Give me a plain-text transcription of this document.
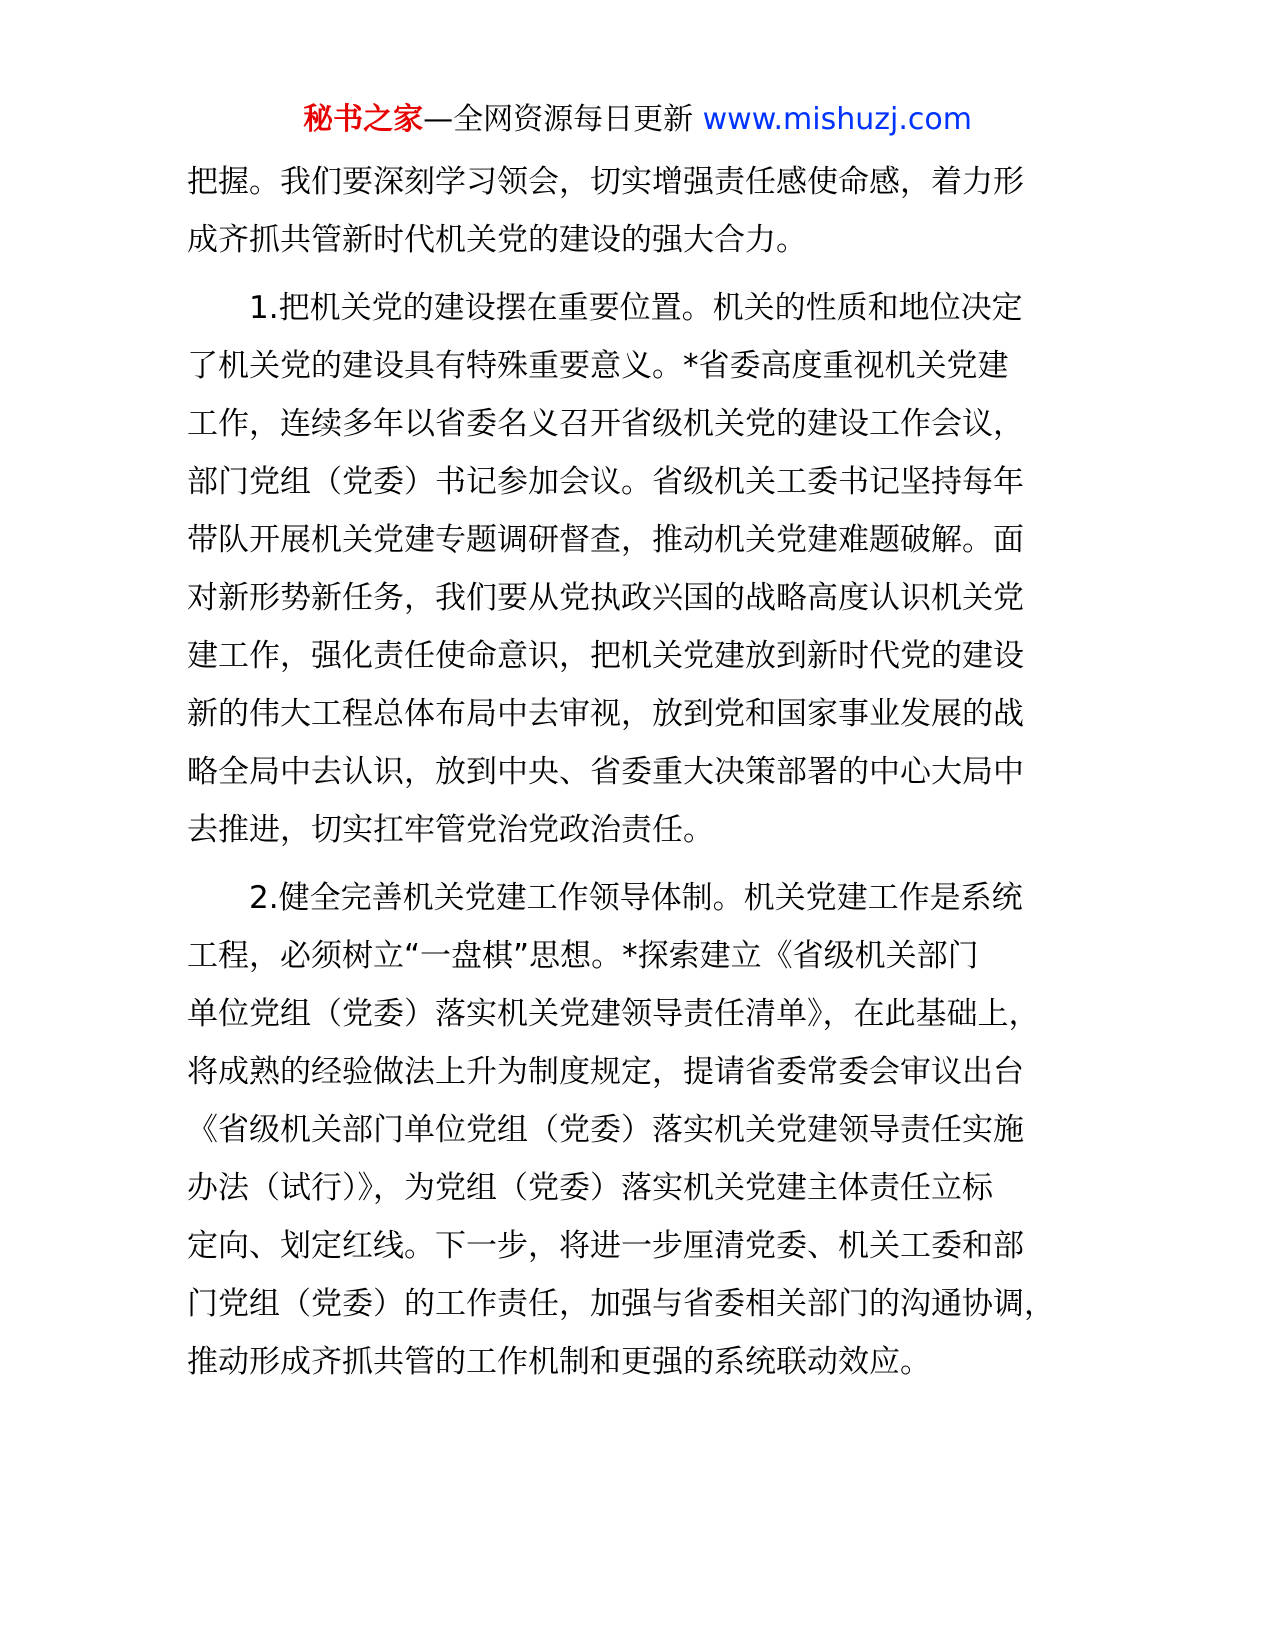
秘书之家—全网资源每日更新 www.mishuzj.com

把握。我们要深刻学习领会，切实增强责任感使命感，着力形
成齐抓共管新时代机关党的建设的强大合力。

　　1.把机关党的建设摆在重要位置。机关的性质和地位决定
了机关党的建设具有特殊重要意义。*省委高度重视机关党建
工作，连续多年以省委名义召开省级机关党的建设工作会议，
部门党组（党委）书记参加会议。省级机关工委书记坚持每年
带队开展机关党建专题调研督查，推动机关党建难题破解。面
对新形势新任务，我们要从党执政兴国的战略高度认识机关党
建工作，强化责任使命意识，把机关党建放到新时代党的建设
新的伟大工程总体布局中去审视，放到党和国家事业发展的战
略全局中去认识，放到中央、省委重大决策部署的中心大局中
去推进，切实扛牢管党治党政治责任。

　　2.健全完善机关党建工作领导体制。机关党建工作是系统
工程，必须树立“一盘棋”思想。*探索建立《省级机关部门
单位党组（党委）落实机关党建领导责任清单》，在此基础上，
将成熟的经验做法上升为制度规定，提请省委常委会审议出台
《省级机关部门单位党组（党委）落实机关党建领导责任实施
办法（试行）》，为党组（党委）落实机关党建主体责任立标
定向、划定红线。下一步，将进一步厘清党委、机关工委和部
门党组（党委）的工作责任，加强与省委相关部门的沟通协调，
推动形成齐抓共管的工作机制和更强的系统联动效应。
